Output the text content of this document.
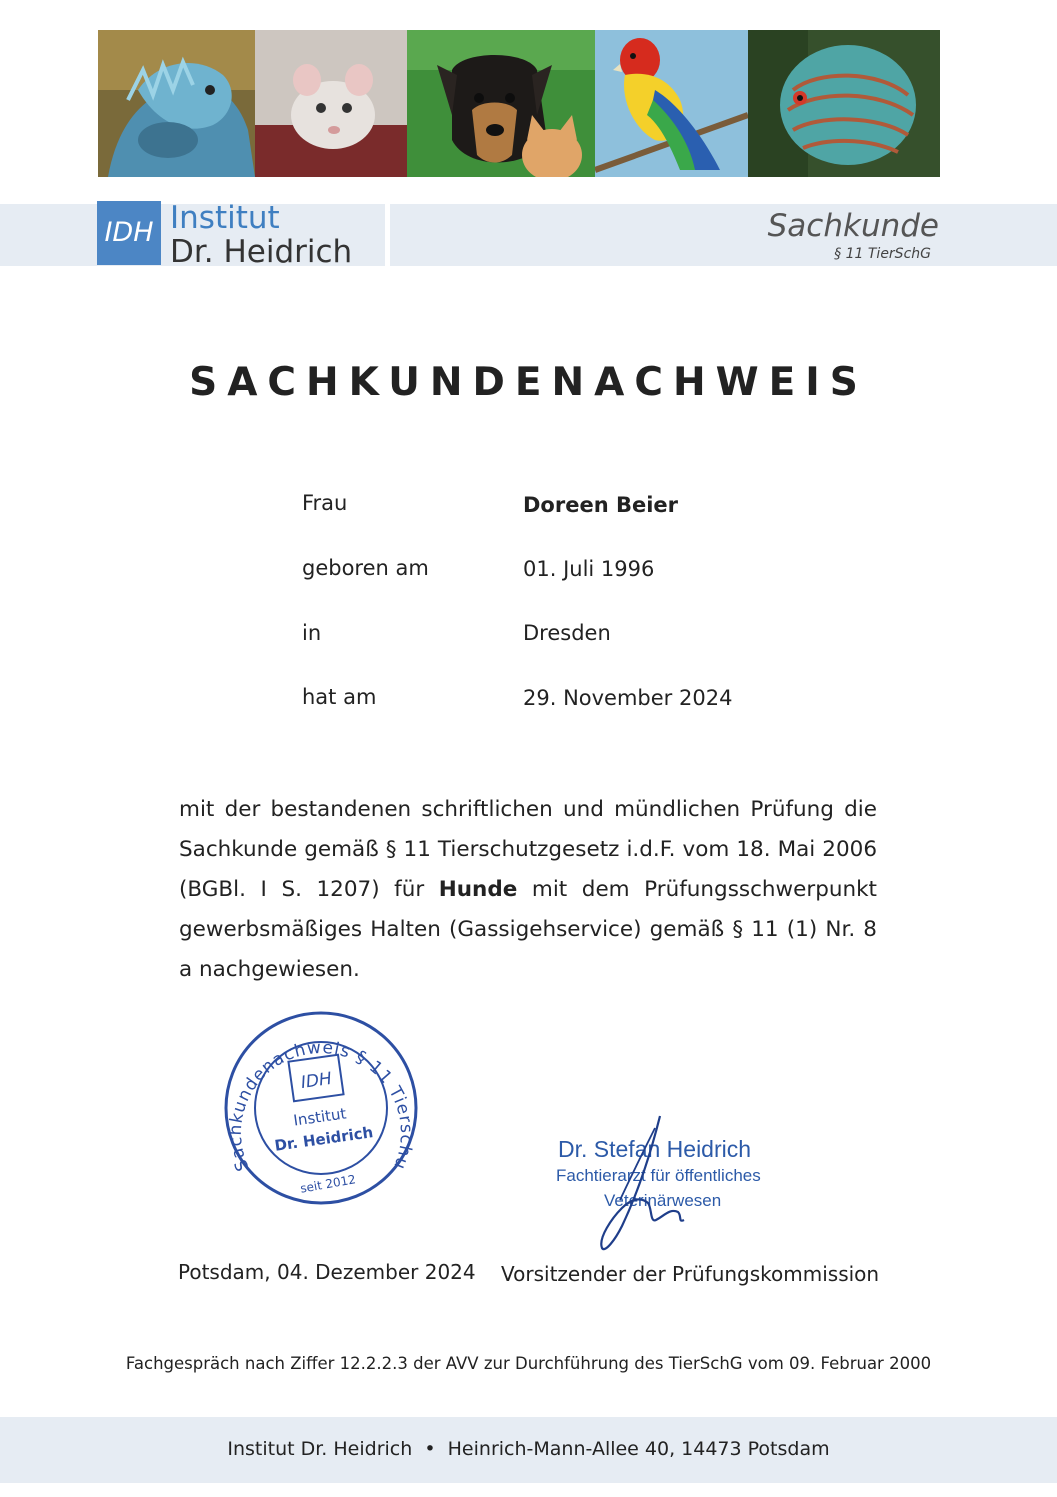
IDH Institut
Dr. Heidrich
Sachkunde
§ 11 TierSchG
SACHKUNDENACHWEIS
Frau	Doreen Beier
geboren am	01. Juli 1996
in	Dresden
hat am	29. November 2024
mit der bestandenen schriftlichen und mündlichen Prüfung die Sachkunde gemäß § 11 Tierschutzgesetz i.d.F. vom 18. Mai 2006 (BGBl. I S. 1207) für Hunde mit dem Prüfungsschwerpunkt gewerbsmäßiges Halten (Gassigehservice) gemäß § 11 (1) Nr. 8 a nachgewiesen.
Sachkundenachweis § 11 Tierschu
IDH
Institut
Dr. Heidrich
seit 2012
Dr. Stefan Heidrich
Fachtierarzt für öffentliches
Veterinärwesen
Potsdam, 04. Dezember 2024 Vorsitzender der Prüfungskommission
Fachgespräch nach Ziffer 12.2.2.3 der AVV zur Durchführung des TierSchG vom 09. Februar 2000
Institut Dr. Heidrich  •  Heinrich-Mann-Allee 40, 14473 Potsdam
